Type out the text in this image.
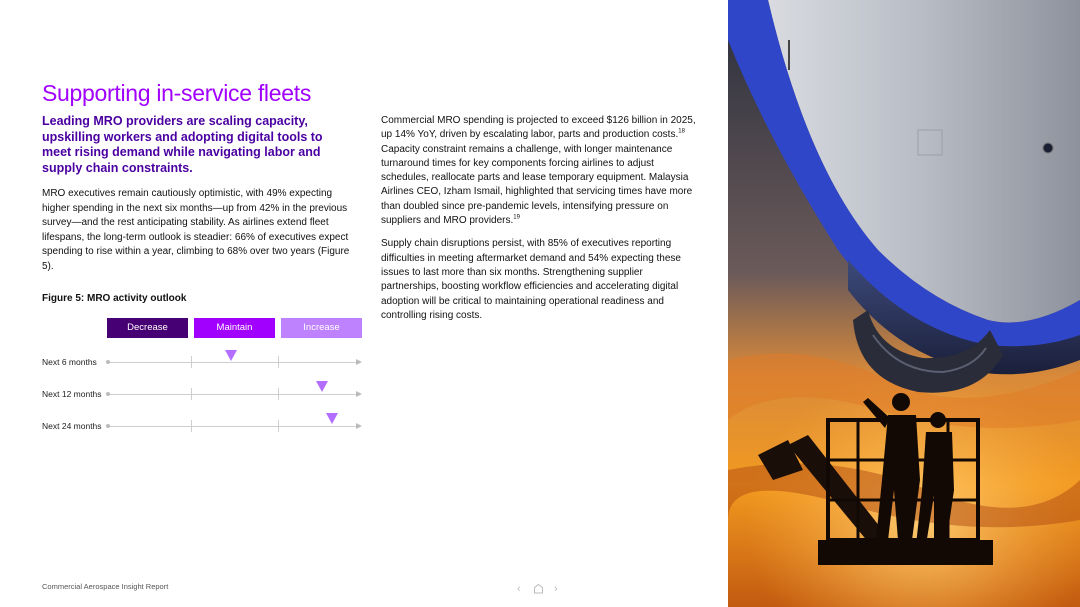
Supporting in-service fleets
Leading MRO providers are scaling capacity, upskilling workers and adopting digital tools to meet rising demand while navigating labor and supply chain constraints.
MRO executives remain cautiously optimistic, with 49% expecting higher spending in the next six months—up from 42% in the previous survey—and the rest anticipating stability. As airlines extend fleet lifespans, the long-term outlook is steadier: 66% of executives expect spending to rise within a year, climbing to 68% over two years (Figure 5).
Figure 5: MRO activity outlook
Decrease	Maintain	Increase
Next 6 months
Next 12 months
Next 24 months

Commercial MRO spending is projected to exceed $126 billion in 2025, up 14% YoY, driven by escalating labor, parts and production costs.$^{18}$ Capacity constraint remains a challenge, with longer maintenance turnaround times for key components forcing airlines to adjust schedules, reallocate parts and lease temporary equipment. Malaysia Airlines CEO, Izham Ismail, highlighted that servicing times have more than doubled since pre-pandemic levels, intensifying pressure on suppliers and MRO providers.$^{19}$

Supply chain disruptions persist, with 85% of executives reporting difficulties in meeting aftermarket demand and 54% expecting these issues to last more than six months. Strengthening supplier partnerships, boosting workflow efficiencies and accelerating digital adoption will be critical to maintaining operational readiness and controlling rising costs.

Commercial Aerospace Insight Report	‹	›
